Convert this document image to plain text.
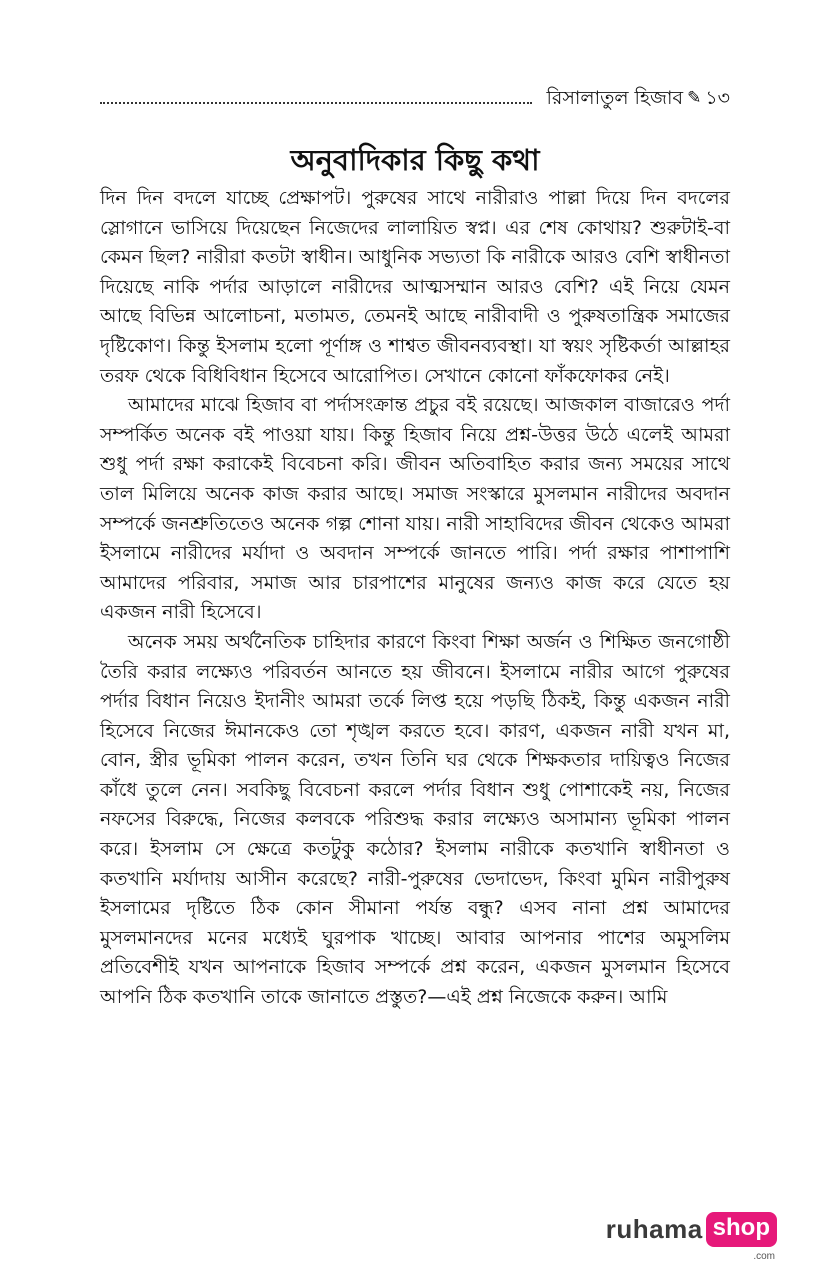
রিসালাতুল হিজাব ✎ ১৩
অনুবাদিকার কিছু কথা

দিন দিন বদলে যাচ্ছে প্রেক্ষাপট। পুরুষের সাথে নারীরাও পাল্লা দিয়ে দিন বদলের স্লোগানে ভাসিয়ে দিয়েছেন নিজেদের লালায়িত স্বপ্ন। এর শেষ কোথায়? শুরুটাই-বা কেমন ছিল? নারীরা কতটা স্বাধীন। আধুনিক সভ্যতা কি নারীকে আরও বেশি স্বাধীনতা দিয়েছে নাকি পর্দার আড়ালে নারীদের আত্মসম্মান আরও বেশি? এই নিয়ে যেমন আছে বিভিন্ন আলোচনা, মতামত, তেমনই আছে নারীবাদী ও পুরুষতান্ত্রিক সমাজের দৃষ্টিকোণ। কিন্তু ইসলাম হলো পূর্ণাঙ্গ ও শাশ্বত জীবনব্যবস্থা। যা স্বয়ং সৃষ্টিকর্তা আল্লাহর তরফ থেকে বিধিবিধান হিসেবে আরোপিত। সেখানে কোনো ফাঁকফোকর নেই।

আমাদের মাঝে হিজাব বা পর্দাসংক্রান্ত প্রচুর বই রয়েছে। আজকাল বাজারেও পর্দা সম্পর্কিত অনেক বই পাওয়া যায়। কিন্তু হিজাব নিয়ে প্রশ্ন-উত্তর উঠে এলেই আমরা শুধু পর্দা রক্ষা করাকেই বিবেচনা করি। জীবন অতিবাহিত করার জন্য সময়ের সাথে তাল মিলিয়ে অনেক কাজ করার আছে। সমাজ সংস্কারে মুসলমান নারীদের অবদান সম্পর্কে জনশ্রুতিতেও অনেক গল্প শোনা যায়। নারী সাহাবিদের জীবন থেকেও আমরা ইসলামে নারীদের মর্যাদা ও অবদান সম্পর্কে জানতে পারি। পর্দা রক্ষার পাশাপাশি আমাদের পরিবার, সমাজ আর চারপাশের মানুষের জন্যও কাজ করে যেতে হয় একজন নারী হিসেবে।

অনেক সময় অর্থনৈতিক চাহিদার কারণে কিংবা শিক্ষা অর্জন ও শিক্ষিত জনগোষ্ঠী তৈরি করার লক্ষ্যেও পরিবর্তন আনতে হয় জীবনে। ইসলামে নারীর আগে পুরুষের পর্দার বিধান নিয়েও ইদানীং আমরা তর্কে লিপ্ত হয়ে পড়ছি ঠিকই, কিন্তু একজন নারী হিসেবে নিজের ঈমানকেও তো শৃঙ্খল করতে হবে। কারণ, একজন নারী যখন মা, বোন, স্ত্রীর ভূমিকা পালন করেন, তখন তিনি ঘর থেকে শিক্ষকতার দায়িত্বও নিজের কাঁধে তুলে নেন। সবকিছু বিবেচনা করলে পর্দার বিধান শুধু পোশাকেই নয়, নিজের নফসের বিরুদ্ধে, নিজের কলবকে পরিশুদ্ধ করার লক্ষ্যেও অসামান্য ভূমিকা পালন করে। ইসলাম সে ক্ষেত্রে কতটুকু কঠোর? ইসলাম নারীকে কতখানি স্বাধীনতা ও কতখানি মর্যাদায় আসীন করেছে? নারী-পুরুষের ভেদাভেদ, কিংবা মুমিন নারীপুরুষ ইসলামের দৃষ্টিতে ঠিক কোন সীমানা পর্যন্ত বন্ধু? এসব নানা প্রশ্ন আমাদের মুসলমানদের মনের মধ্যেই ঘুরপাক খাচ্ছে। আবার আপনার পাশের অমুসলিম প্রতিবেশীই যখন আপনাকে হিজাব সম্পর্কে প্রশ্ন করেন, একজন মুসলমান হিসেবে আপনি ঠিক কতখানি তাকে জানাতে প্রস্তুত?—এই প্রশ্ন নিজেকে করুন। আমি

ruhama shop
.com
